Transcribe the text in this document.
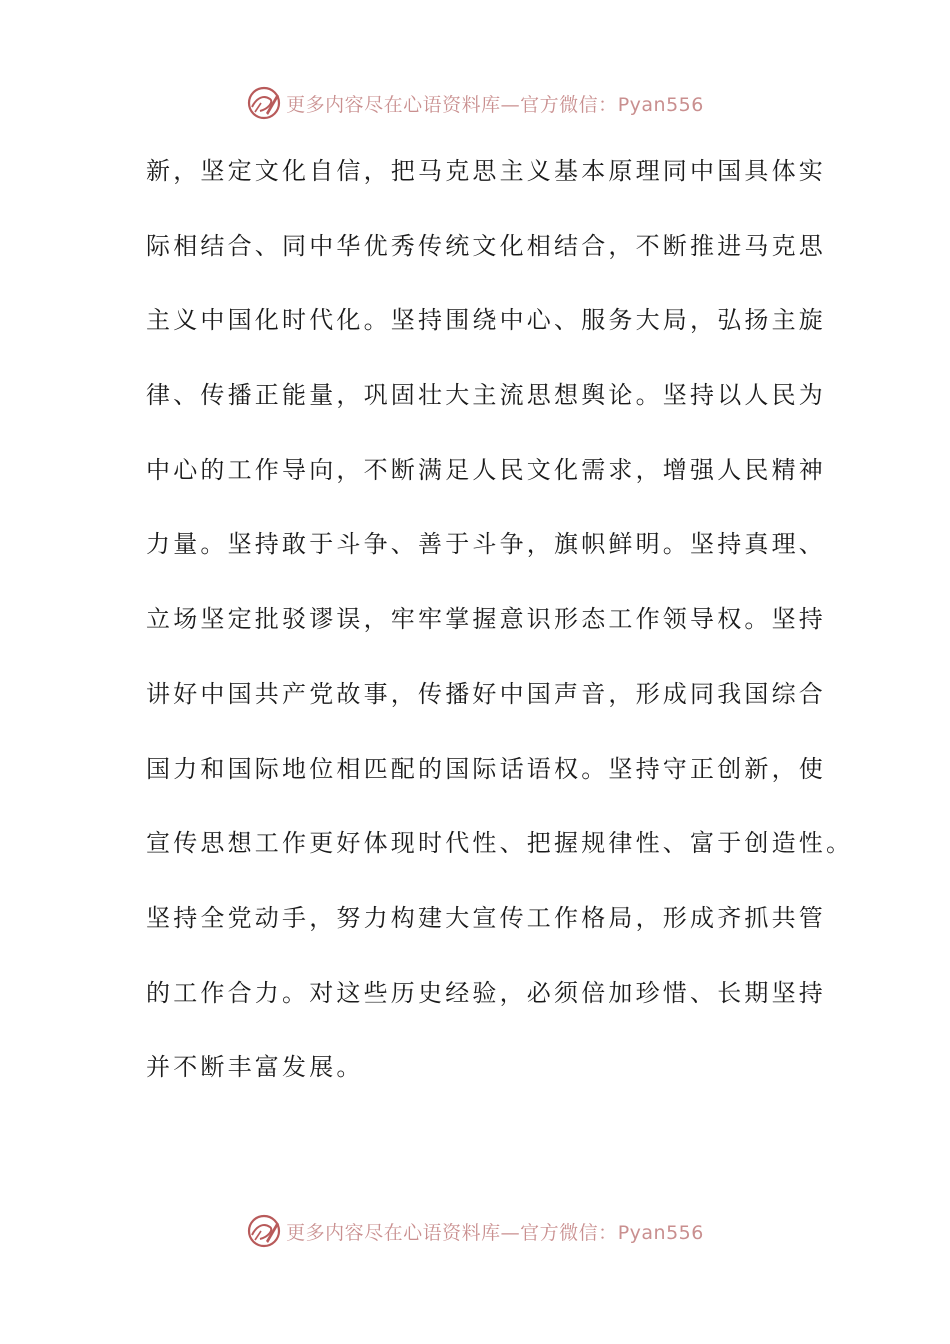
更多内容尽在心语资料库—官方微信：Pyan556
新，坚定文化自信，把马克思主义基本原理同中国具体实
际相结合、同中华优秀传统文化相结合，不断推进马克思
主义中国化时代化。坚持围绕中心、服务大局，弘扬主旋
律、传播正能量，巩固壮大主流思想舆论。坚持以人民为
中心的工作导向，不断满足人民文化需求，增强人民精神
力量。坚持敢于斗争、善于斗争，旗帜鲜明。坚持真理、
立场坚定批驳谬误，牢牢掌握意识形态工作领导权。坚持
讲好中国共产党故事，传播好中国声音，形成同我国综合
国力和国际地位相匹配的国际话语权。坚持守正创新，使
宣传思想工作更好体现时代性、把握规律性、富于创造性。
坚持全党动手，努力构建大宣传工作格局，形成齐抓共管
的工作合力。对这些历史经验，必须倍加珍惜、长期坚持
并不断丰富发展。
更多内容尽在心语资料库—官方微信：Pyan556
